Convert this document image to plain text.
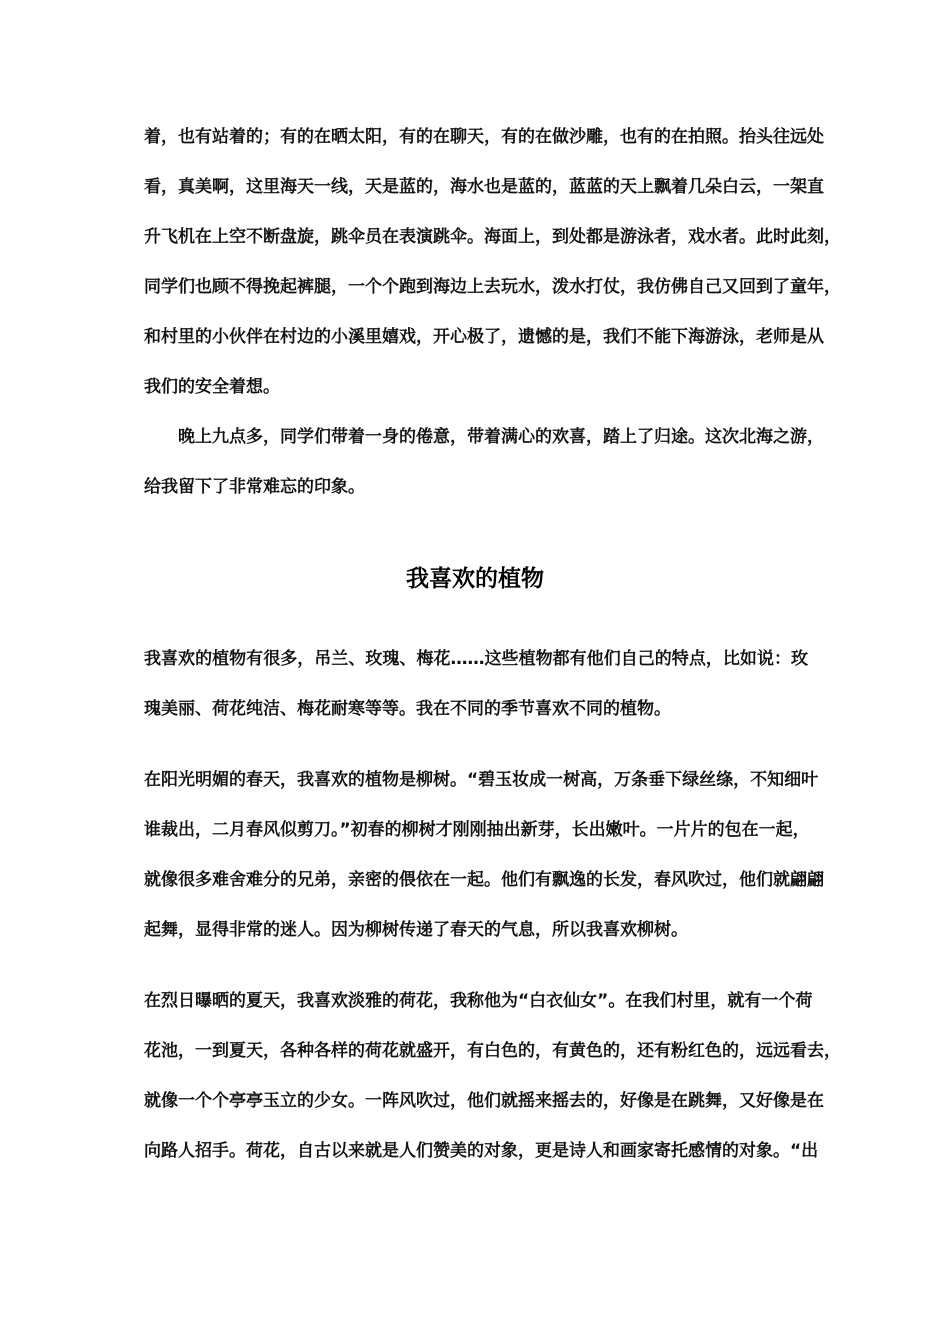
着，也有站着的；有的在晒太阳，有的在聊天，有的在做沙雕，也有的在拍照。抬头往远处

看，真美啊，这里海天一线，天是蓝的，海水也是蓝的，蓝蓝的天上飘着几朵白云，一架直

升飞机在上空不断盘旋，跳伞员在表演跳伞。海面上，到处都是游泳者，戏水者。此时此刻，

同学们也顾不得挽起裤腿，一个个跑到海边上去玩水，泼水打仗，我仿佛自己又回到了童年，

和村里的小伙伴在村边的小溪里嬉戏，开心极了，遗憾的是，我们不能下海游泳，老师是从

我们的安全着想。

晚上九点多，同学们带着一身的倦意，带着满心的欢喜，踏上了归途。这次北海之游，

给我留下了非常难忘的印象。

我喜欢的植物

我喜欢的植物有很多，吊兰、玫瑰、梅花……这些植物都有他们自己的特点，比如说：玫

瑰美丽、荷花纯洁、梅花耐寒等等。我在不同的季节喜欢不同的植物。

在阳光明媚的春天，我喜欢的植物是柳树。“碧玉妆成一树高，万条垂下绿丝绦，不知细叶

谁裁出，二月春风似剪刀。”初春的柳树才刚刚抽出新芽，长出嫩叶。一片片的包在一起，

就像很多难舍难分的兄弟，亲密的偎依在一起。他们有飘逸的长发，春风吹过，他们就翩翩

起舞，显得非常的迷人。因为柳树传递了春天的气息，所以我喜欢柳树。

在烈日曝晒的夏天，我喜欢淡雅的荷花，我称他为“白衣仙女”。在我们村里，就有一个荷

花池，一到夏天，各种各样的荷花就盛开，有白色的，有黄色的，还有粉红色的，远远看去，

就像一个个亭亭玉立的少女。一阵风吹过，他们就摇来摇去的，好像是在跳舞，又好像是在

向路人招手。荷花，自古以来就是人们赞美的对象，更是诗人和画家寄托感情的对象。“出
